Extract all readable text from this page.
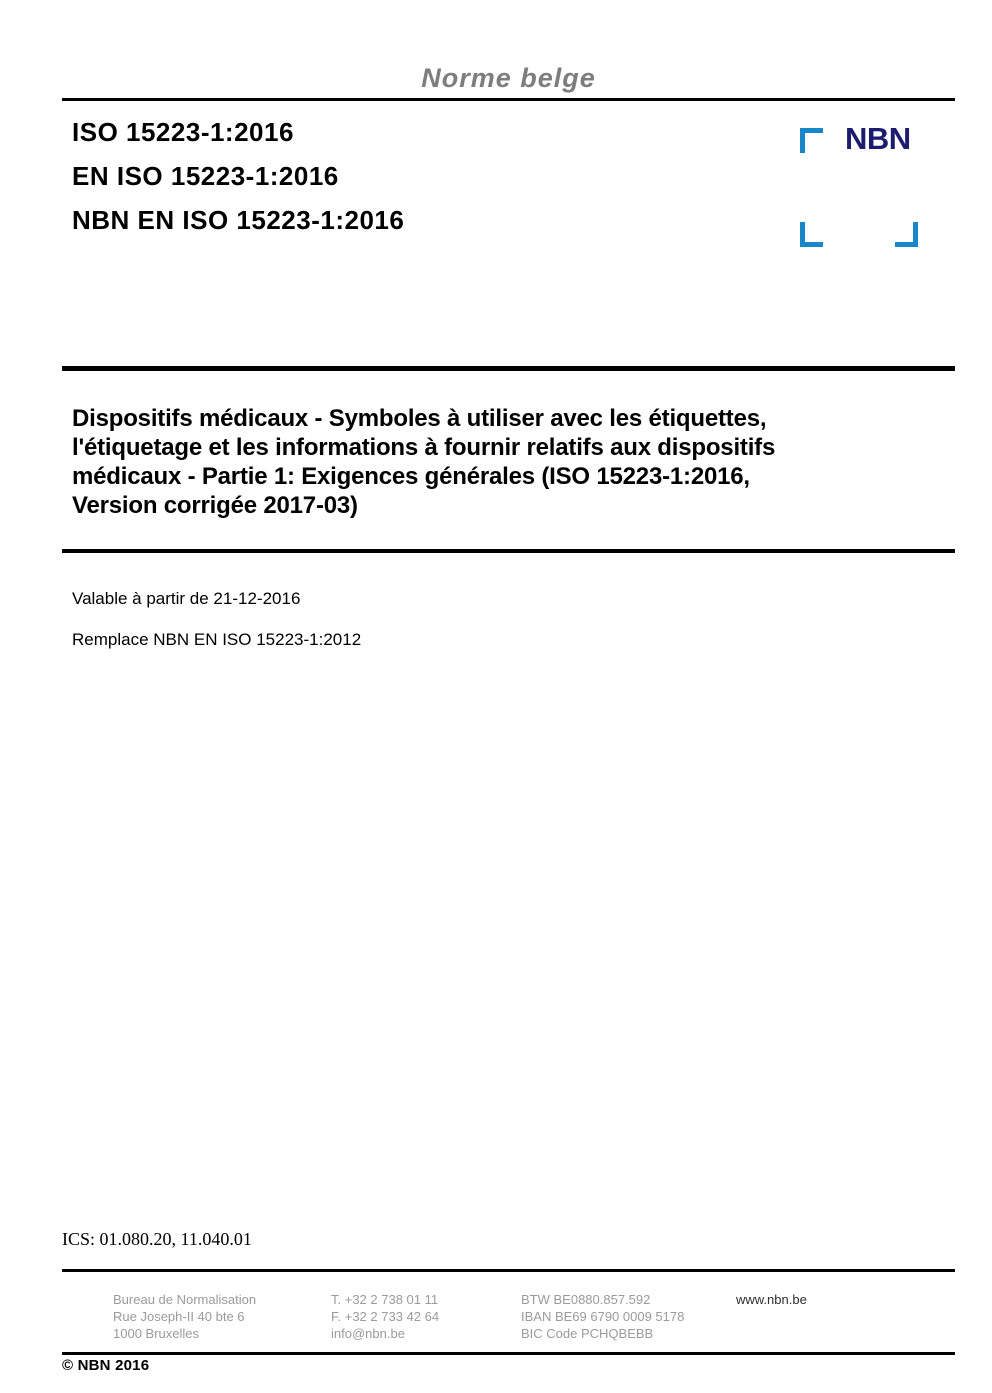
Norme belge
ISO 15223-1:2016
EN ISO 15223-1:2016
NBN EN ISO 15223-1:2016
NBN
Dispositifs médicaux - Symboles à utiliser avec les étiquettes,
l'étiquetage et les informations à fournir relatifs aux dispositifs
médicaux - Partie 1: Exigences générales (ISO 15223-1:2016,
Version corrigée 2017-03)
Valable à partir de 21-12-2016
Remplace NBN EN ISO 15223-1:2012
ICS: 01.080.20, 11.040.01
Bureau de Normalisation
Rue Joseph-II 40 bte 6
1000 Bruxelles
T. +32 2 738 01 11
F. +32 2 733 42 64
info@nbn.be
BTW BE0880.857.592
IBAN BE69 6790 0009 5178
BIC Code PCHQBEBB
www.nbn.be
© NBN 2016
